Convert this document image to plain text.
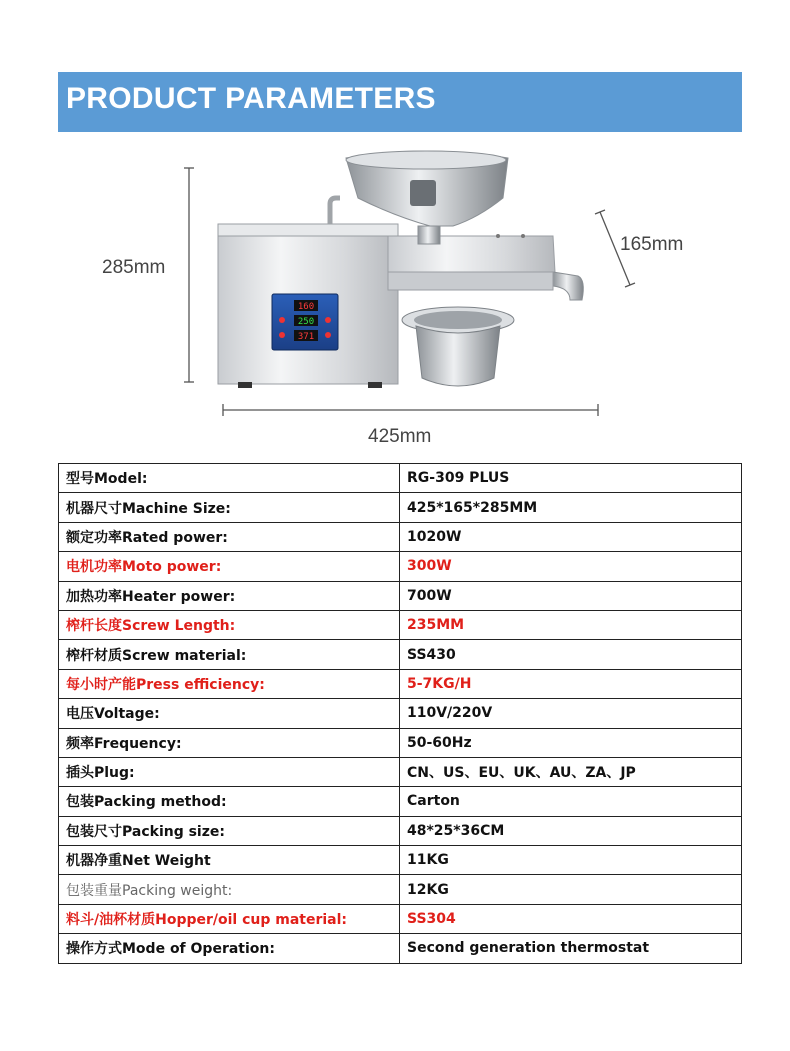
PRODUCT PARAMETERS
160
250
371
285mm
165mm
425mm
型号Model:	RG-309 PLUS
机器尺寸Machine Size:	425*165*285MM
额定功率Rated power:	1020W
电机功率Moto power:	300W
加热功率Heater power:	700W
榨杆长度Screw Length:	235MM
榨杆材质Screw material:	SS430
每小时产能Press efficiency:	5-7KG/H
电压Voltage:	110V/220V
频率Frequency:	50-60Hz
插头Plug:	CN、US、EU、UK、AU、ZA、JP
包装Packing method:	Carton
包装尺寸Packing size:	48*25*36CM
机器净重Net Weight	11KG
包装重量Packing weight:	12KG
料斗/油杯材质Hopper/oil cup material:	SS304
操作方式Mode of Operation:	Second generation thermostat
